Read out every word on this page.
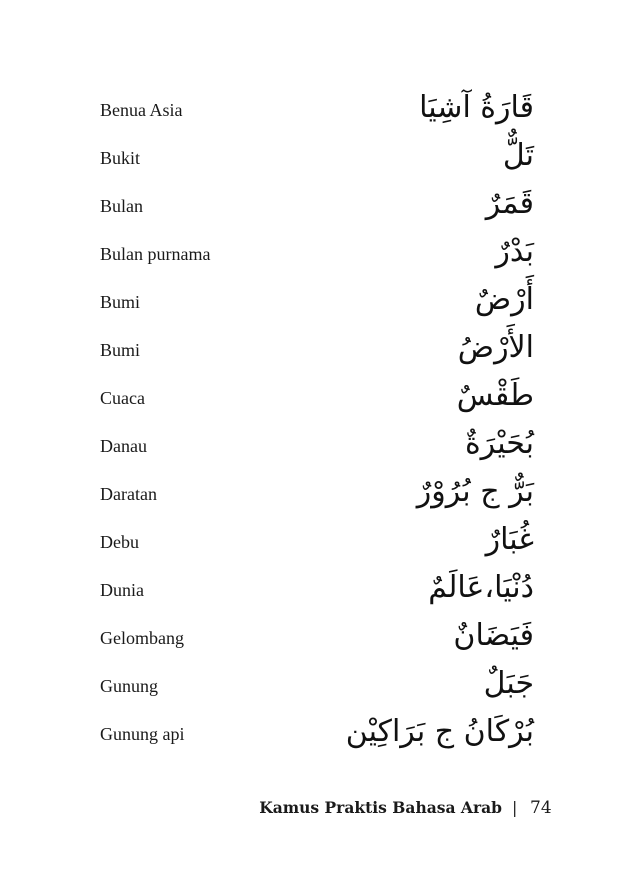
Benua Asia	قَارَةُ آشِيَا
Bukit	تَلٌّ
Bulan	قَمَرٌ
Bulan purnama	بَدْرٌ
Bumi	أَرْضٌ
Bumi	الأَرْضُ
Cuaca	طَقْسٌ
Danau	بُحَيْرَةٌ
Daratan	بَرٌّ ج بُرُوْرٌ
Debu	غُبَارٌ
Dunia	دُنْيَا،عَالَمٌ
Gelombang	فَيَضَانٌ
Gunung	جَبَلٌ
Gunung api	بُرْكَانُ ج بَرَاكِيْن
Kamus Praktis Bahasa Arab | 74
